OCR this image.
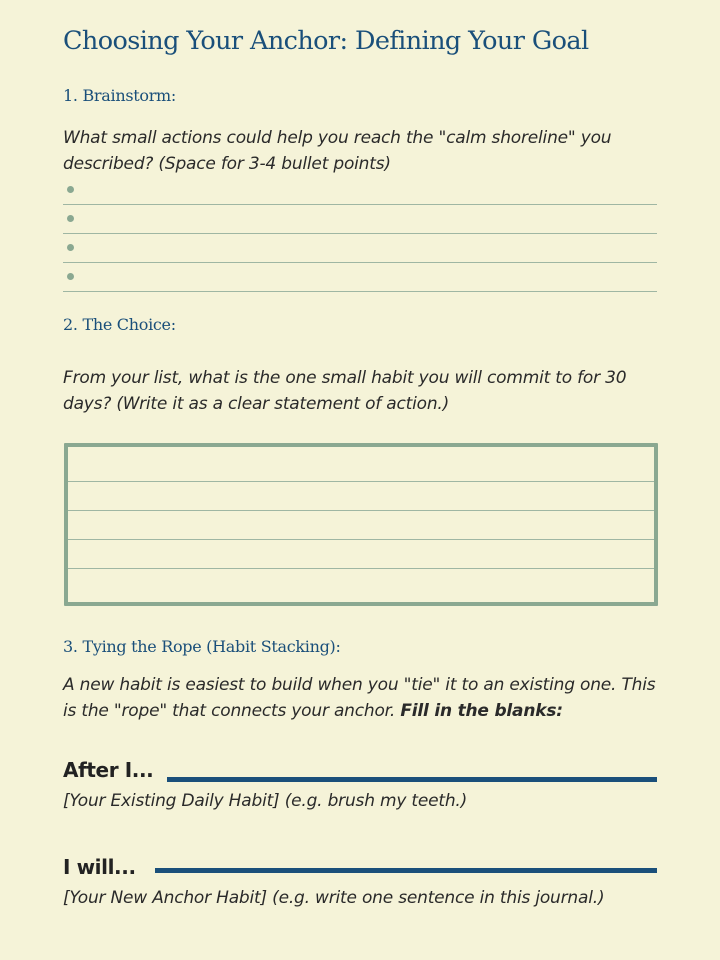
Choosing Your Anchor: Defining Your Goal
1. Brainstorm:

What small actions could help you reach the "calm shoreline" you described? (Space for 3-4 bullet points)

2. The Choice:

From your list, what is the one small habit you will commit to for 30 days? (Write it as a clear statement of action.)

3. Tying the Rope (Habit Stacking):

A new habit is easiest to build when you "tie" it to an existing one. This is the "rope" that connects your anchor. Fill in the blanks:

After I...

[Your Existing Daily Habit] (e.g. brush my teeth.)

I will...

[Your New Anchor Habit] (e.g. write one sentence in this journal.)
